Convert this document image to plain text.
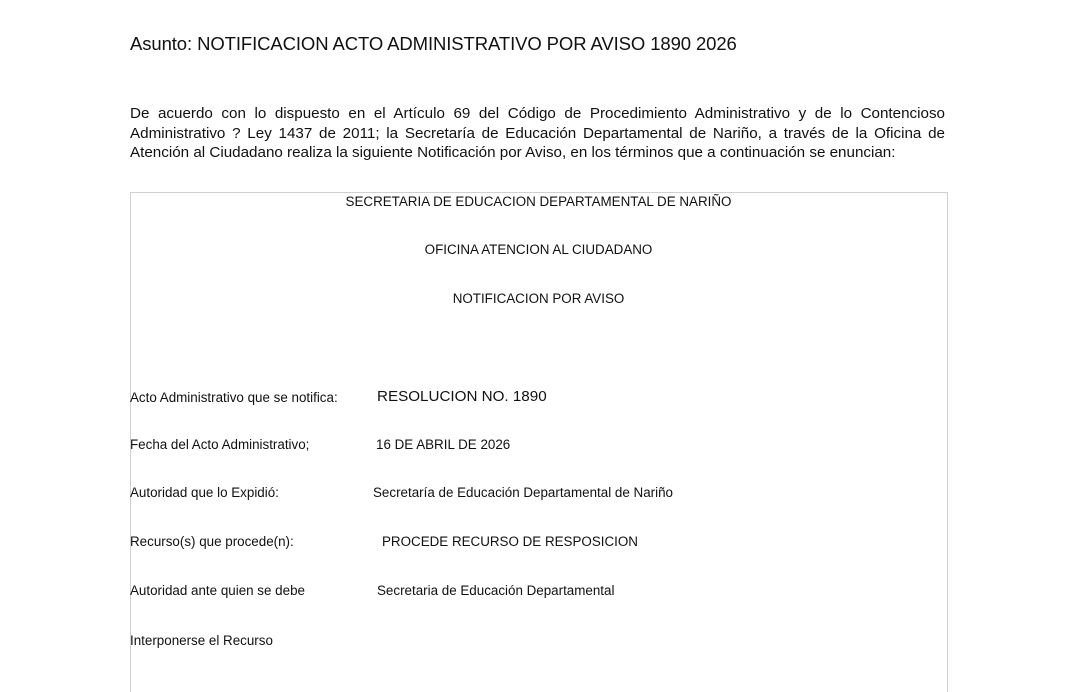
Asunto: NOTIFICACION ACTO ADMINISTRATIVO POR AVISO 1890 2026
De acuerdo con lo dispuesto en el Artículo 69 del Código de Procedimiento Administrativo y de lo Contencioso Administrativo ? Ley 1437 de 2011; la Secretaría de Educación Departamental de Nariño, a través de la Oficina de Atención al Ciudadano realiza la siguiente Notificación por Aviso, en los términos que a continuación se enuncian:
SECRETARIA DE EDUCACION DEPARTAMENTAL DE NARIÑO
OFICINA ATENCION AL CIUDADANO
NOTIFICACION POR AVISO
Acto Administrativo que se notifica:	RESOLUCION NO. 1890
Fecha del Acto Administrativo;	16 DE ABRIL DE 2026
Autoridad que lo Expidió:	Secretaría de Educación Departamental de Nariño
Recurso(s) que procede(n):	PROCEDE RECURSO DE RESPOSICION
Autoridad ante quien se debe	Secretaria de Educación Departamental
Interponerse el Recurso
